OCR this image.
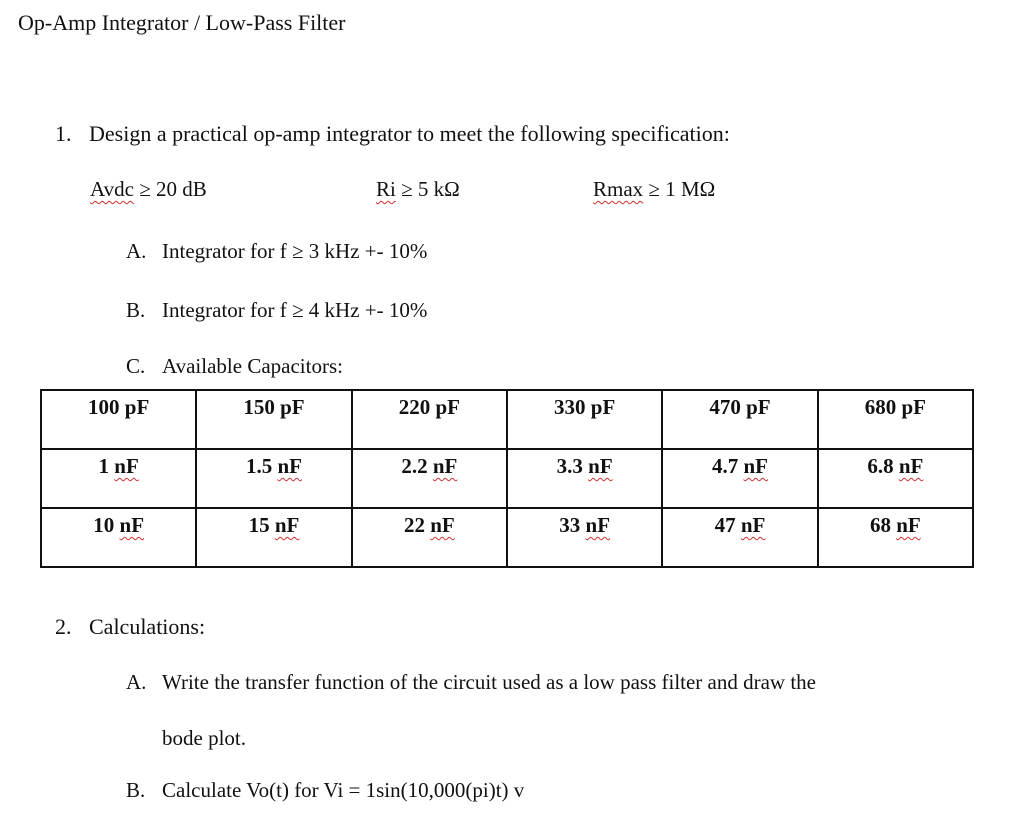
Op-Amp Integrator / Low-Pass Filter
1. Design a practical op-amp integrator to meet the following specification:
Avdc ≥ 20 dB	Ri ≥ 5 kΩ	Rmax ≥ 1 MΩ
A. Integrator for f ≥ 3 kHz +- 10%
B. Integrator for f ≥ 4 kHz +- 10%
C. Available Capacitors:
100 pF	150 pF	220 pF	330 pF	470 pF	680 pF
1 nF	1.5 nF	2.2 nF	3.3 nF	4.7 nF	6.8 nF
10 nF	15 nF	22 nF	33 nF	47 nF	68 nF
2. Calculations:
A. Write the transfer function of the circuit used as a low pass filter and draw the
bode plot.
B. Calculate Vo(t) for Vi = 1sin(10,000(pi)t) v
